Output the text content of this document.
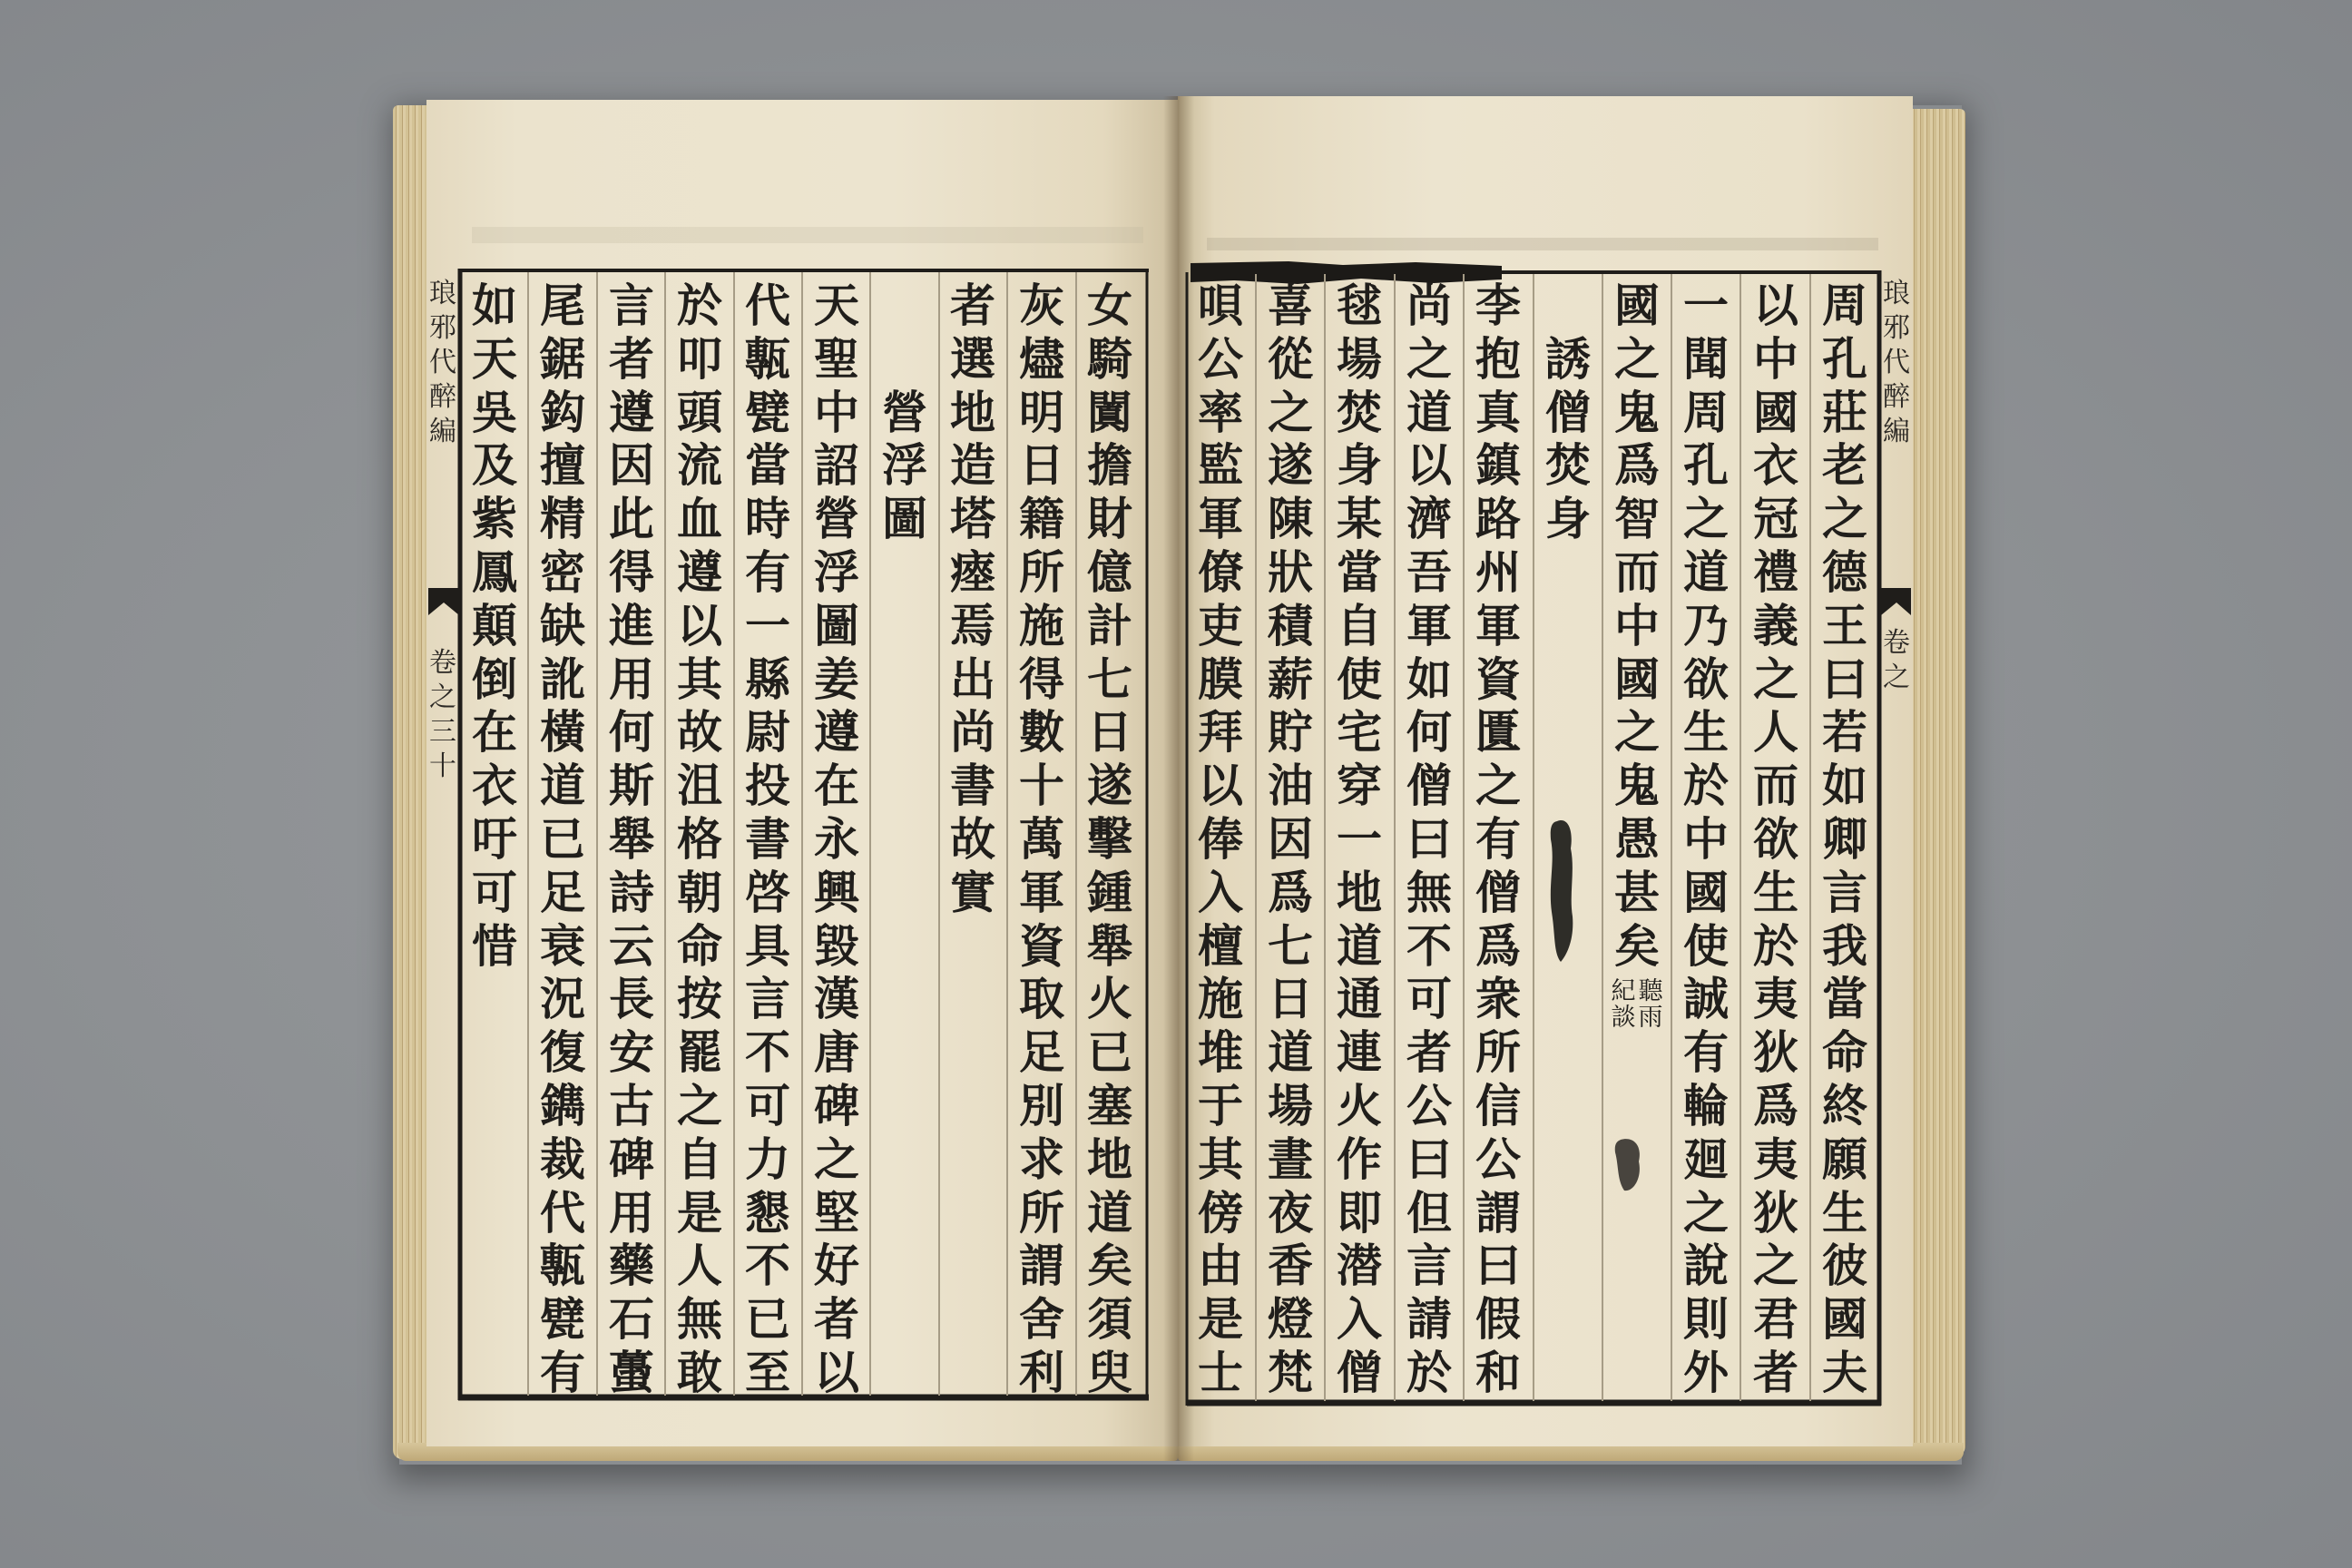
琅
邪
代
醉
編
卷
之
三
十
琅
邪
代
醉
編
卷
之
周
孔
莊
老
之
德
王
曰
若
如
卿
言
我
當
命
終
願
生
彼
國
夫
以
中
國
衣
冠
禮
義
之
人
而
欲
生
於
夷
狄
爲
夷
狄
之
君
者
一
聞
周
孔
之
道
乃
欲
生
於
中
國
使
誠
有
輪
廻
之
說
則
外
國
之
鬼
爲
智
而
中
國
之
鬼
愚
甚
矣
聽
雨
紀
談
誘
僧
焚
身
李
抱
真
鎮
路
州
軍
資
匱
之
有
僧
爲
衆
所
信
公
謂
曰
假
和
尚
之
道
以
濟
吾
軍
如
何
僧
曰
無
不
可
者
公
曰
但
言
請
於
毬
場
焚
身
某
當
自
使
宅
穿
一
地
道
通
連
火
作
即
潜
入
僧
喜
從
之
遂
陳
狀
積
薪
貯
油
因
爲
七
日
道
場
晝
夜
香
燈
梵
唄
公
率
監
軍
僚
吏
膜
拜
以
俸
入
檀
施
堆
于
其
傍
由
是
士
女
騎
闐
擔
財
億
計
七
日
遂
擊
鍾
舉
火
已
塞
地
道
矣
須
臾
灰
燼
明
日
籍
所
施
得
數
十
萬
軍
資
取
足
別
求
所
謂
舍
利
者
選
地
造
塔
瘞
焉
出
尚
書
故
實
營
浮
圖
天
聖
中
詔
營
浮
圖
姜
遵
在
永
興
毀
漢
唐
碑
之
堅
好
者
以
代
甎
甓
當
時
有
一
縣
尉
投
書
啓
具
言
不
可
力
懇
不
已
至
於
叩
頭
流
血
遵
以
其
故
沮
格
朝
命
按
罷
之
自
是
人
無
敢
言
者
遵
因
此
得
進
用
何
斯
舉
詩
云
長
安
古
碑
用
藥
石
蠆
尾
鋸
鈎
擅
精
密
缺
訛
橫
道
已
足
衰
況
復
鐫
裁
代
甎
甓
有
如
天
吳
及
紫
鳳
顛
倒
在
衣
吁
可
惜
